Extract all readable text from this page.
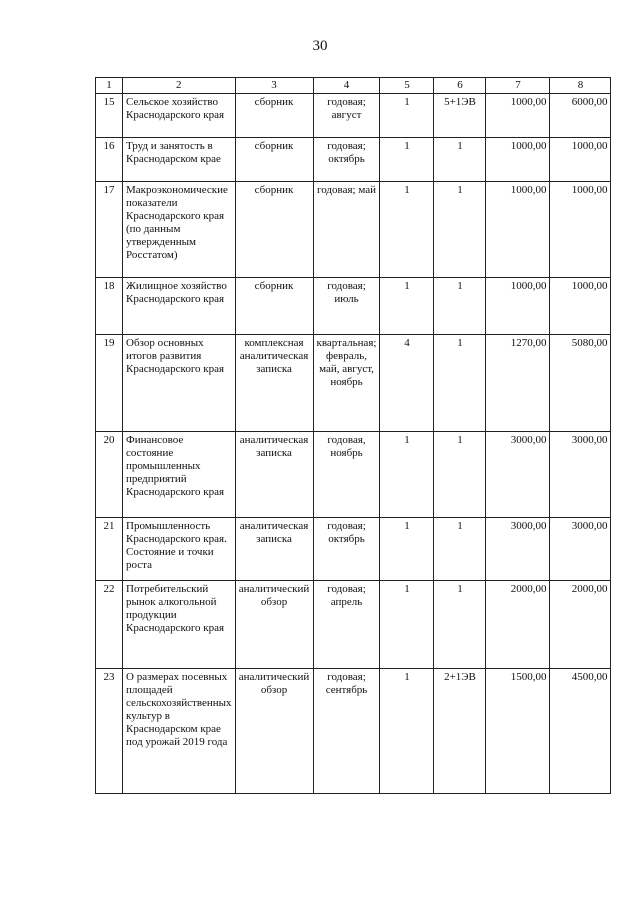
30
1	2	3	4	5	6	7	8
15	Сельское хозяйство Краснодарского края	сборник	годовая; август	1	5+1ЭВ	1000,00	6000,00
16	Труд и занятость в Краснодарском крае	сборник	годовая; октябрь	1	1	1000,00	1000,00
17	Макроэкономические показатели Краснодарского края (по данным утвержденным Росстатом)	сборник	годовая; май	1	1	1000,00	1000,00
18	Жилищное хозяйство Краснодарского края	сборник	годовая; июль	1	1	1000,00	1000,00
19	Обзор основных итогов развития Краснодарского края	комплексная аналитическая записка	квартальная; февраль, май, август, ноябрь	4	1	1270,00	5080,00
20	Финансовое состояние промышленных предприятий Краснодарского края	аналитическая записка	годовая, ноябрь	1	1	3000,00	3000,00
21	Промышленность Краснодарского края. Состояние и точки роста	аналитическая записка	годовая; октябрь	1	1	3000,00	3000,00
22	Потребительский рынок алкогольной продукции Краснодарского края	аналитический обзор	годовая; апрель	1	1	2000,00	2000,00
23	О размерах посевных площадей сельскохозяйственных культур в Краснодарском крае под урожай 2019 года	аналитический обзор	годовая; сентябрь	1	2+1ЭВ	1500,00	4500,00
